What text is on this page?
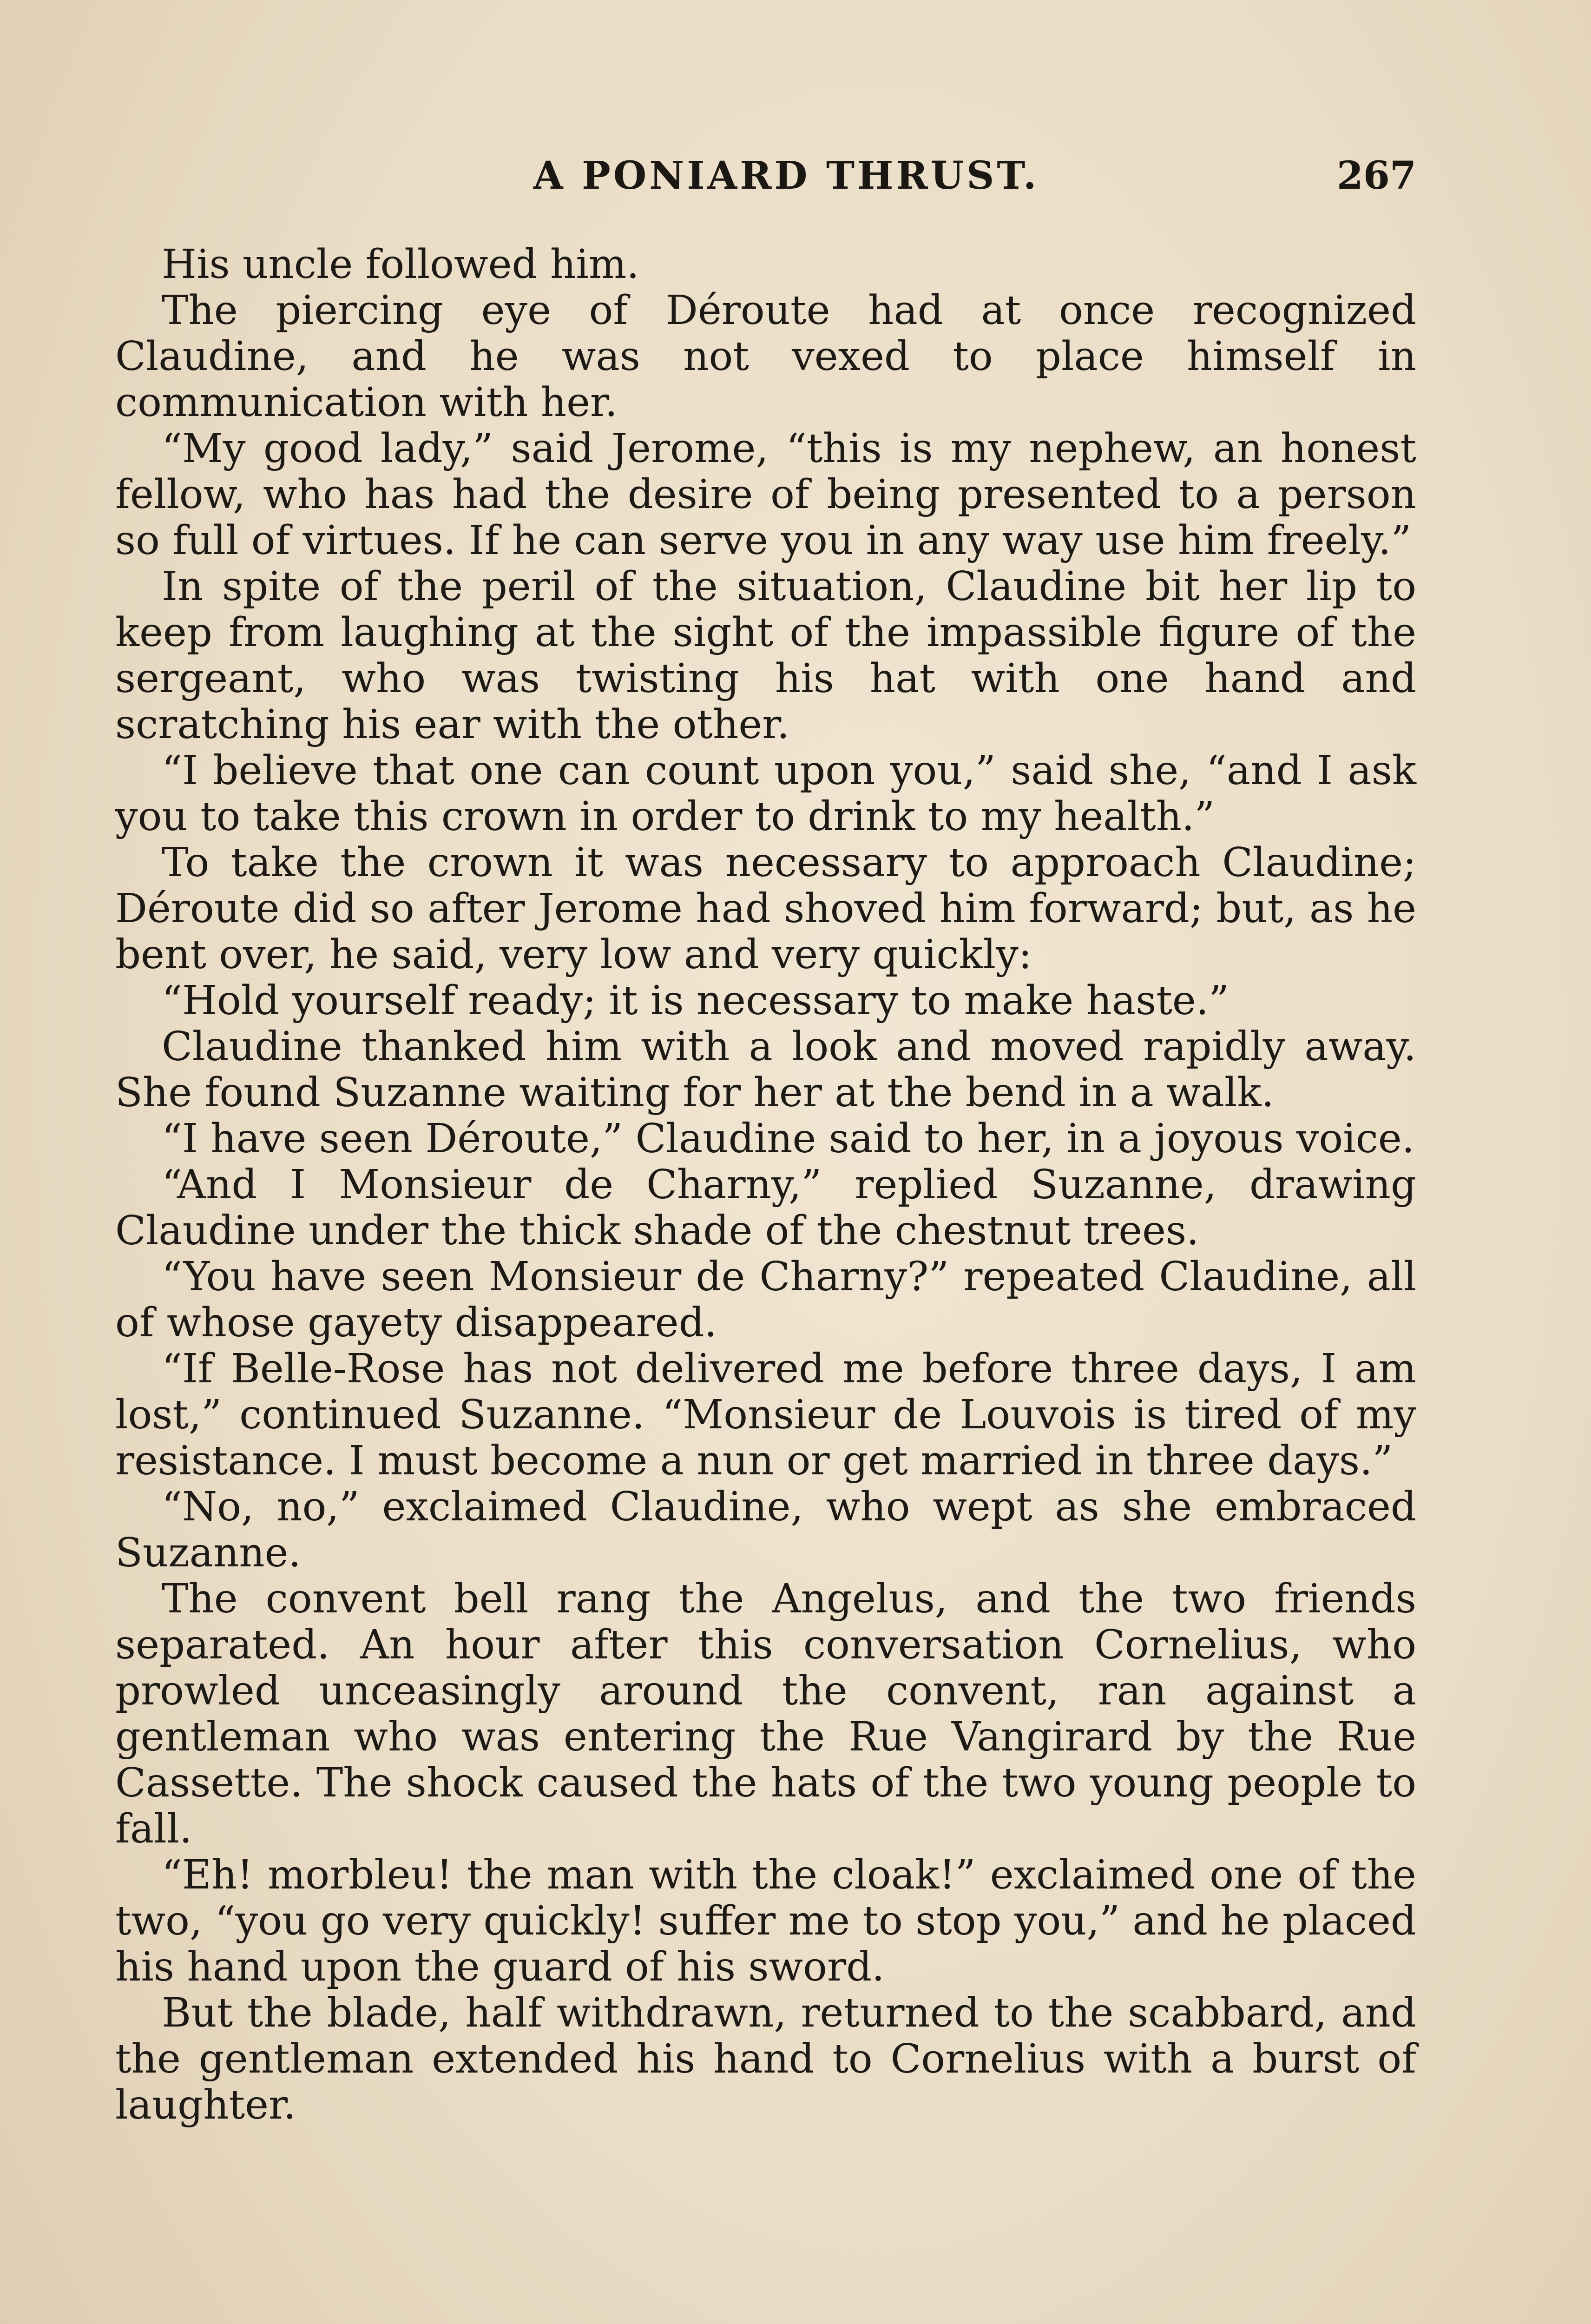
A PONIARD THRUST.	267

His uncle followed him.

The piercing eye of Déroute had at once recognized Claudine, and he was not vexed to place himself in communication with her.

“My good lady,” said Jerome, “this is my nephew, an honest fellow, who has had the desire of being presented to a person so full of virtues. If he can serve you in any way use him freely.”

In spite of the peril of the situation, Claudine bit her lip to keep from laughing at the sight of the impassible figure of the sergeant, who was twisting his hat with one hand and scratching his ear with the other.

“I believe that one can count upon you,” said she, “and I ask you to take this crown in order to drink to my health.”

To take the crown it was necessary to approach Claudine; Déroute did so after Jerome had shoved him forward; but, as he bent over, he said, very low and very quickly:

“Hold yourself ready; it is necessary to make haste.”

Claudine thanked him with a look and moved rapidly away. She found Suzanne waiting for her at the bend in a walk.

“I have seen Déroute,” Claudine said to her, in a joyous voice.

“And I Monsieur de Charny,” replied Suzanne, drawing Claudine under the thick shade of the chestnut trees.

“You have seen Monsieur de Charny?” repeated Claudine, all of whose gayety disappeared.

“If Belle-Rose has not delivered me before three days, I am lost,” continued Suzanne. “Monsieur de Louvois is tired of my resistance. I must become a nun or get married in three days.”

“No, no,” exclaimed Claudine, who wept as she embraced Suzanne.

The convent bell rang the Angelus, and the two friends separated. An hour after this conversation Cornelius, who prowled unceasingly around the convent, ran against a gentleman who was entering the Rue Vangirard by the Rue Cassette. The shock caused the hats of the two young people to fall.

“Eh! morbleu! the man with the cloak!” exclaimed one of the two, “you go very quickly! suffer me to stop you,” and he placed his hand upon the guard of his sword.

But the blade, half withdrawn, returned to the scabbard, and the gentleman extended his hand to Cornelius with a burst of laughter.
